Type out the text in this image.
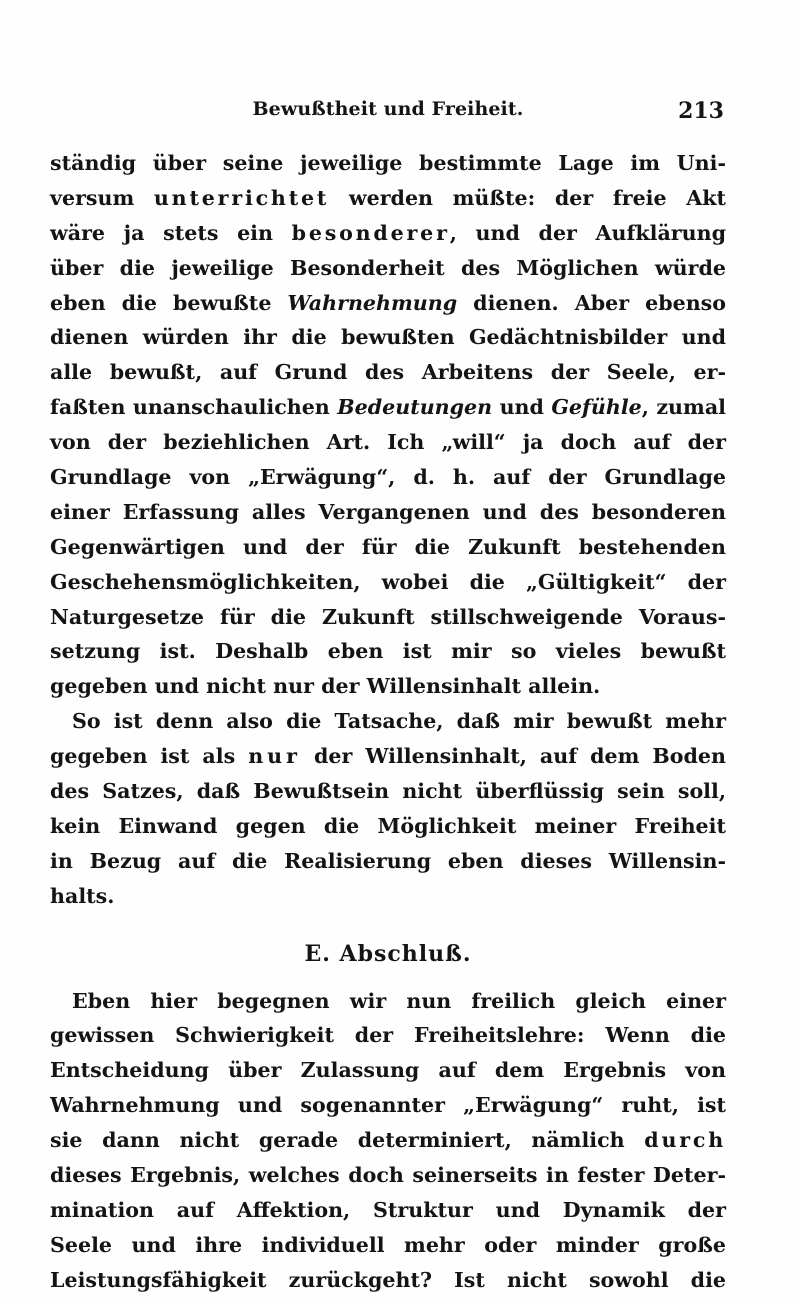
Bewußtheit und Freiheit.	213
ständig über seine jeweilige bestimmte Lage im Uni-
versum unterrichtet werden müßte: der freie Akt
wäre ja stets ein besonderer, und der Aufklärung
über die jeweilige Besonderheit des Möglichen würde
eben die bewußte Wahrnehmung dienen. Aber ebenso
dienen würden ihr die bewußten Gedächtnisbilder und
alle bewußt, auf Grund des Arbeitens der Seele, er-
faßten unanschaulichen Bedeutungen und Gefühle, zumal
von der beziehlichen Art. Ich „will“ ja doch auf der
Grundlage von „Erwägung“, d. h. auf der Grundlage
einer Erfassung alles Vergangenen und des besonderen
Gegenwärtigen und der für die Zukunft bestehenden
Geschehensmöglichkeiten, wobei die „Gültigkeit“ der
Naturgesetze für die Zukunft stillschweigende Voraus-
setzung ist. Deshalb eben ist mir so vieles bewußt
gegeben und nicht nur der Willensinhalt allein.
So ist denn also die Tatsache, daß mir bewußt mehr
gegeben ist als nur der Willensinhalt, auf dem Boden
des Satzes, daß Bewußtsein nicht überflüssig sein soll,
kein Einwand gegen die Möglichkeit meiner Freiheit
in Bezug auf die Realisierung eben dieses Willensin-
halts.
E. Abschluß.
Eben hier begegnen wir nun freilich gleich einer
gewissen Schwierigkeit der Freiheitslehre: Wenn die
Entscheidung über Zulassung auf dem Ergebnis von
Wahrnehmung und sogenannter „Erwägung“ ruht, ist
sie dann nicht gerade determiniert, nämlich durch
dieses Ergebnis, welches doch seinerseits in fester Deter-
mination auf Affektion, Struktur und Dynamik der
Seele und ihre individuell mehr oder minder große
Leistungsfähigkeit zurückgeht? Ist nicht sowohl die
